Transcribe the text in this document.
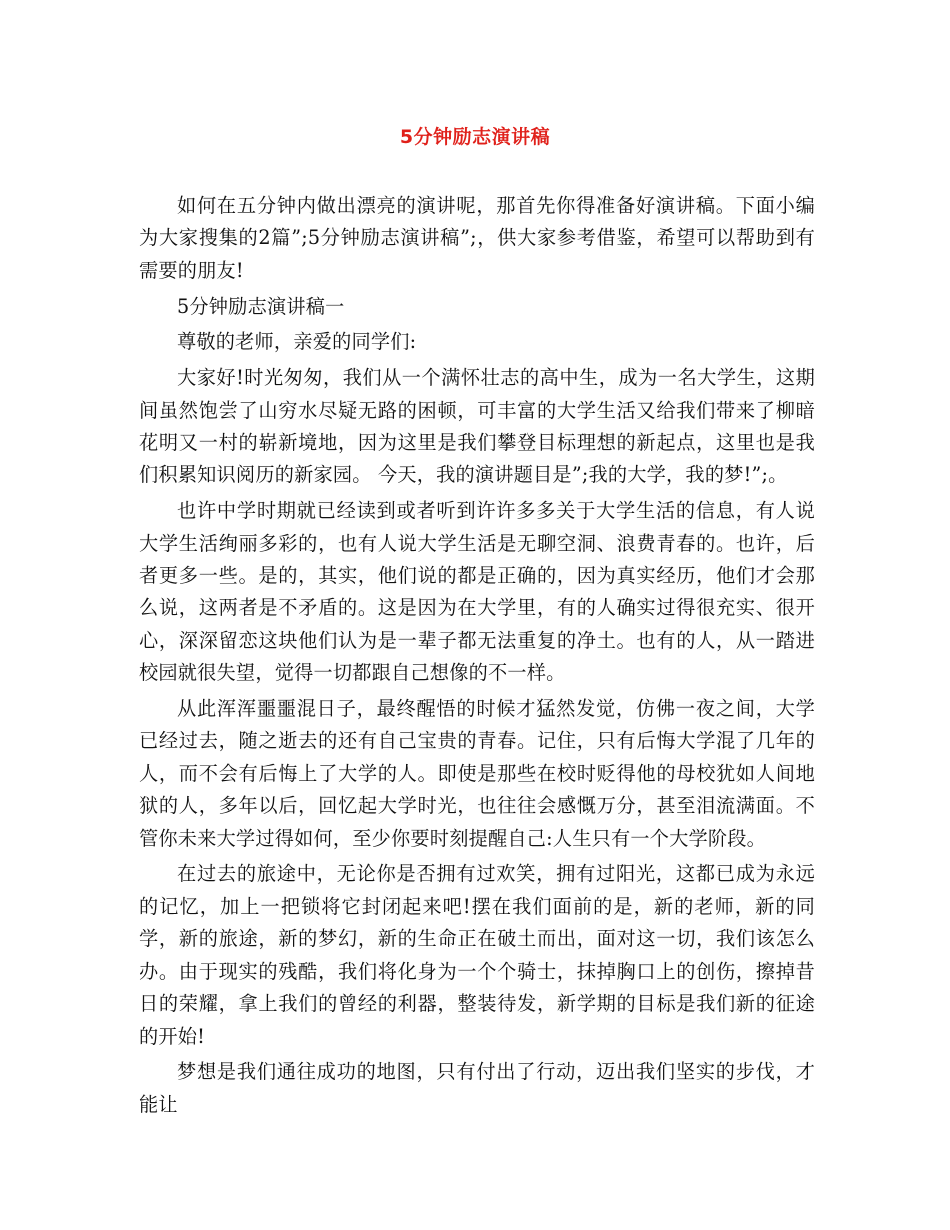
5分钟励志演讲稿

如何在五分钟内做出漂亮的演讲呢，那首先你得准备好演讲稿。下面小编为大家搜集的2篇”;5分钟励志演讲稿”;，供大家参考借鉴，希望可以帮助到有需要的朋友!

5分钟励志演讲稿一

尊敬的老师，亲爱的同学们:

大家好!时光匆匆，我们从一个满怀壮志的高中生，成为一名大学生，这期间虽然饱尝了山穷水尽疑无路的困顿，可丰富的大学生活又给我们带来了柳暗花明又一村的崭新境地，因为这里是我们攀登目标理想的新起点，这里也是我们积累知识阅历的新家园。 今天，我的演讲题目是”;我的大学，我的梦!”;。

也许中学时期就已经读到或者听到许许多多关于大学生活的信息，有人说大学生活绚丽多彩的，也有人说大学生活是无聊空洞、浪费青春的。也许，后者更多一些。是的，其实，他们说的都是正确的，因为真实经历，他们才会那么说，这两者是不矛盾的。这是因为在大学里，有的人确实过得很充实、很开心，深深留恋这块他们认为是一辈子都无法重复的净土。也有的人，从一踏进校园就很失望，觉得一切都跟自己想像的不一样。

从此浑浑噩噩混日子，最终醒悟的时候才猛然发觉，仿佛一夜之间，大学已经过去，随之逝去的还有自己宝贵的青春。记住，只有后悔大学混了几年的人，而不会有后悔上了大学的人。即使是那些在校时贬得他的母校犹如人间地狱的人，多年以后，回忆起大学时光，也往往会感慨万分，甚至泪流满面。不管你未来大学过得如何，至少你要时刻提醒自己:人生只有一个大学阶段。

在过去的旅途中，无论你是否拥有过欢笑，拥有过阳光，这都已成为永远的记忆，加上一把锁将它封闭起来吧!摆在我们面前的是，新的老师，新的同学，新的旅途，新的梦幻，新的生命正在破土而出，面对这一切，我们该怎么办。由于现实的残酷，我们将化身为一个个骑士，抹掉胸口上的创伤，擦掉昔日的荣耀，拿上我们的曾经的利器，整装待发，新学期的目标是我们新的征途的开始!

梦想是我们通往成功的地图，只有付出了行动，迈出我们坚实的步伐，才能让
